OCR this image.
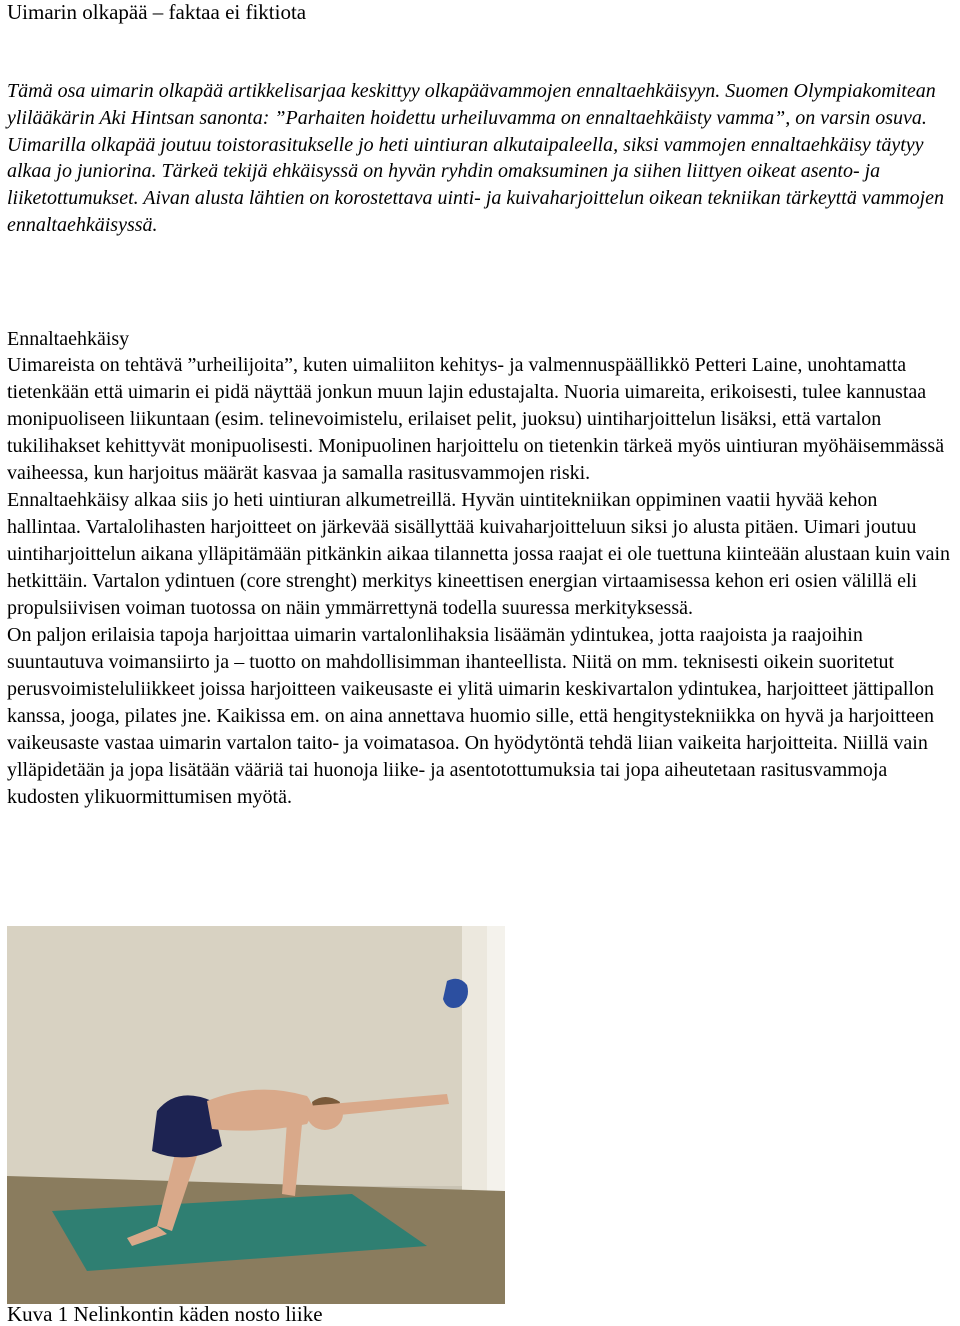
Uimarin olkapää – faktaa ei fiktiota

Tämä osa uimarin olkapää artikkelisarjaa keskittyy olkapäävammojen ennaltaehkäisyyn. Suomen Olympiakomitean ylilääkärin Aki Hintsan sanonta: ”Parhaiten hoidettu urheiluvamma on ennaltaehkäisty vamma”, on varsin osuva. Uimarilla olkapää joutuu toistorasitukselle jo heti uintiuran alkutaipaleella, siksi vammojen ennaltaehkäisy täytyy alkaa jo juniorina. Tärkeä tekijä ehkäisyssä on hyvän ryhdin omaksuminen ja siihen liittyen oikeat asento- ja liiketottumukset. Aivan alusta lähtien on korostettava uinti- ja kuivaharjoittelun oikean tekniikan tärkeyttä vammojen ennaltaehkäisyssä.

Ennaltaehkäisy

Uimareista on tehtävä ”urheilijoita”, kuten uimaliiton kehitys- ja valmennuspäällikkö Petteri Laine, unohtamatta tietenkään että uimarin ei pidä näyttää jonkun muun lajin edustajalta. Nuoria uimareita, erikoisesti, tulee kannustaa monipuoliseen liikuntaan (esim. telinevoimistelu, erilaiset pelit, juoksu) uintiharjoittelun lisäksi, että vartalon tukilihakset kehittyvät monipuolisesti. Monipuolinen harjoittelu on tietenkin tärkeä myös uintiuran myöhäisemmässä vaiheessa, kun harjoitus määrät kasvaa ja samalla rasitusvammojen riski.

Ennaltaehkäisy alkaa siis jo heti uintiuran alkumetreillä. Hyvän uintitekniikan oppiminen vaatii hyvää kehon hallintaa. Vartalolihasten harjoitteet on järkevää sisällyttää kuivaharjoitteluun siksi jo alusta pitäen. Uimari joutuu uintiharjoittelun aikana ylläpitämään pitkänkin aikaa tilannetta jossa raajat ei ole tuettuna kiinteään alustaan kuin vain hetkittäin. Vartalon ydintuen (core strenght) merkitys kineettisen energian virtaamisessa kehon eri osien välillä eli propulsiivisen voiman tuotossa on näin ymmärrettynä todella suuressa merkityksessä.

On paljon erilaisia tapoja harjoittaa uimarin vartalonlihaksia lisäämän ydintukea, jotta raajoista ja raajoihin suuntautuva voimansiirto ja – tuotto on mahdollisimman ihanteellista. Niitä on mm. teknisesti oikein suoritetut perusvoimisteluliikkeet joissa harjoitteen vaikeusaste ei ylitä uimarin keskivartalon ydintukea, harjoitteet jättipallon kanssa, jooga, pilates jne. Kaikissa em. on aina annettava huomio sille, että hengitystekniikka on hyvä ja harjoitteen vaikeusaste vastaa uimarin vartalon taito- ja voimatasoa. On hyödytöntä tehdä liian vaikeita harjoitteita. Niillä vain ylläpidetään ja jopa lisätään vääriä tai huonoja liike- ja asentotottumuksia tai jopa aiheutetaan rasitusvammoja kudosten ylikuormittumisen myötä.

Kuva 1 Nelinkontin käden nosto liike
